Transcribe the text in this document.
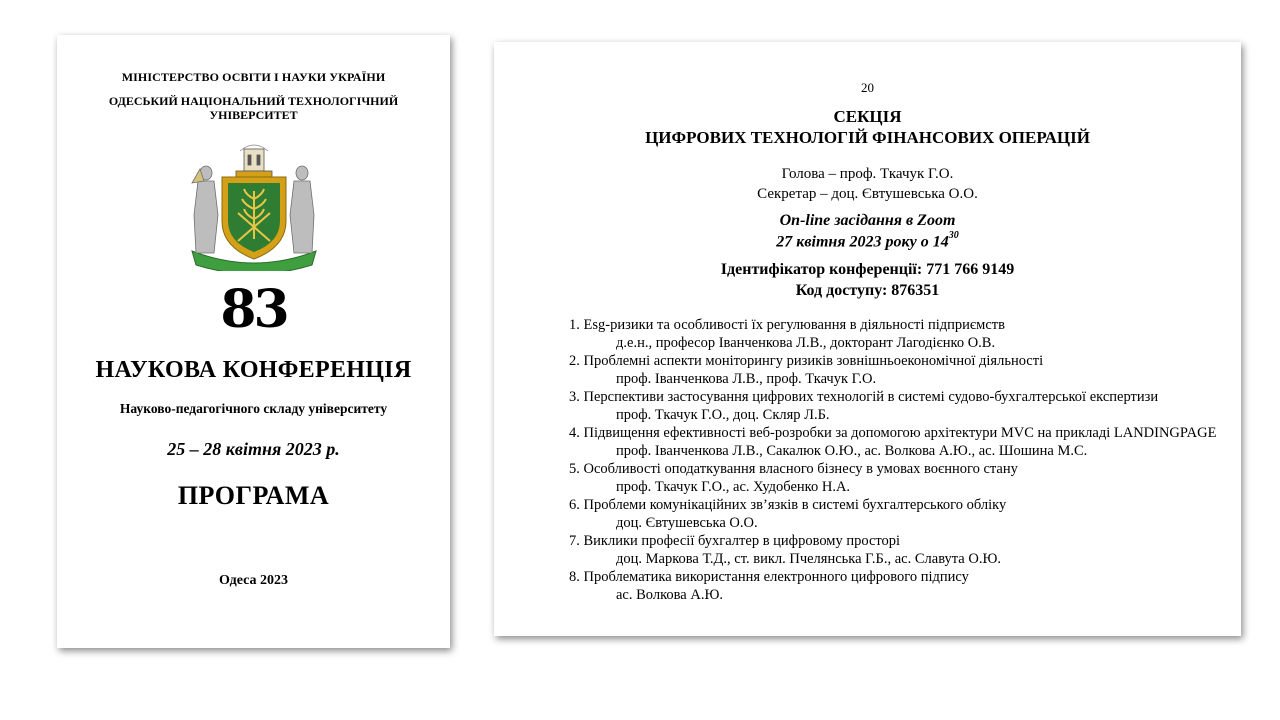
МІНІСТЕРСТВО ОСВІТИ І НАУКИ УКРАЇНИ
ОДЕСЬКИЙ НАЦІОНАЛЬНИЙ ТЕХНОЛОГІЧНИЙ
УНІВЕРСИТЕТ
83
НАУКОВА КОНФЕРЕНЦІЯ
Науково-педагогічного складу університету
25 – 28 квітня 2023 р.
ПРОГРАМА
Одеса 2023
20
СЕКЦІЯ
ЦИФРОВИХ ТЕХНОЛОГІЙ ФІНАНСОВИХ ОПЕРАЦІЙ
Голова – проф. Ткачук Г.О.
Секретар – доц. Євтушевська О.О.
On-line засідання в Zoom
27 квітня 2023 року о $14^{30}$
Ідентифікатор конференції: 771 766 9149
Код доступу: 876351
1. Esg-ризики та особливості їх регулювання в діяльності підприємств
д.е.н., професор Іванченкова Л.В., докторант Лагодієнко О.В.
2. Проблемні аспекти моніторингу ризиків зовнішньоекономічної діяльності
проф. Іванченкова Л.В., проф. Ткачук Г.О.
3. Перспективи застосування цифрових технологій в системі судово-бухгалтерської експертизи
проф. Ткачук Г.О., доц. Скляр Л.Б.
4. Підвищення ефективності веб-розробки за допомогою архітектури MVC на прикладі LANDINGPAGE
проф. Іванченкова Л.В., Сакалюк О.Ю., ас. Волкова А.Ю., ас. Шошина М.С.
5. Особливості оподаткування власного бізнесу в умовах воєнного стану
проф. Ткачук Г.О., ас. Худобенко Н.А.
6. Проблеми комунікаційних зв’язків в системі бухгалтерського обліку
доц. Євтушевська О.О.
7. Виклики професії бухгалтер в цифровому просторі
доц. Маркова Т.Д., ст. викл. Пчелянська Г.Б., ас. Славута О.Ю.
8. Проблематика використання електронного цифрового підпису
ас. Волкова А.Ю.
